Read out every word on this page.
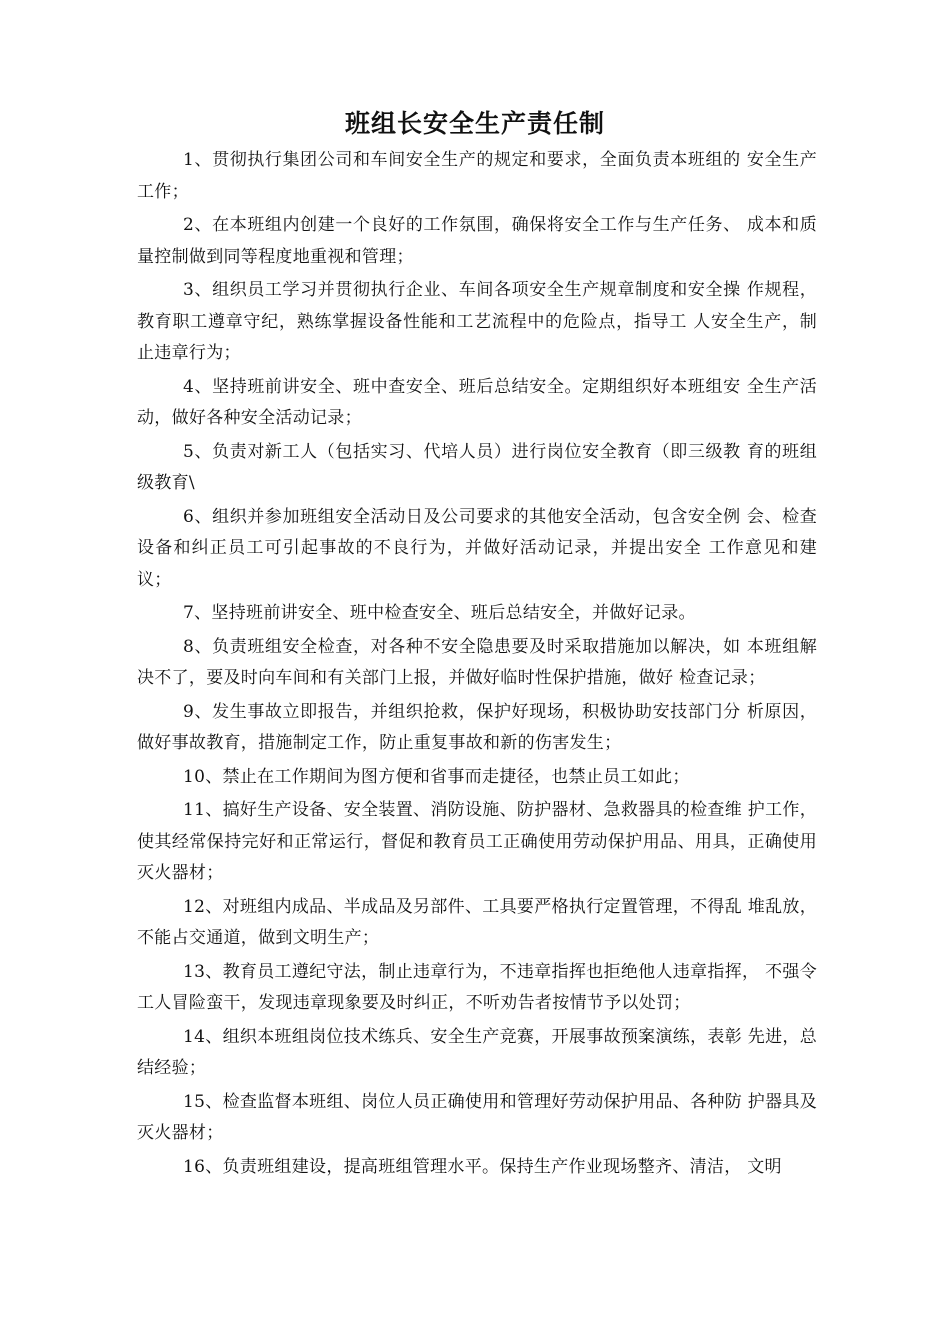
班组长安全生产责任制

1、贯彻执行集团公司和车间安全生产的规定和要求，全面负责本班组的 安全生产工作；

2、在本班组内创建一个良好的工作氛围，确保将安全工作与生产任务、 成本和质量控制做到同等程度地重视和管理；

3、组织员工学习并贯彻执行企业、车间各项安全生产规章制度和安全操 作规程，教育职工遵章守纪，熟练掌握设备性能和工艺流程中的危险点，指导工 人安全生产，制止违章行为；

4、坚持班前讲安全、班中查安全、班后总结安全。定期组织好本班组安 全生产活动，做好各种安全活动记录；

5、负责对新工人（包括实习、代培人员）进行岗位安全教育（即三级教 育的班组级教育\

6、组织并参加班组安全活动日及公司要求的其他安全活动，包含安全例 会、检查设备和纠正员工可引起事故的不良行为，并做好活动记录，并提出安全 工作意见和建议；

7、坚持班前讲安全、班中检查安全、班后总结安全，并做好记录。

8、负责班组安全检查，对各种不安全隐患要及时采取措施加以解决，如 本班组解决不了，要及时向车间和有关部门上报，并做好临时性保护措施，做好 检查记录；

9、发生事故立即报告，并组织抢救，保护好现场，积极协助安技部门分 析原因，做好事故教育，措施制定工作，防止重复事故和新的伤害发生；

10、禁止在工作期间为图方便和省事而走捷径，也禁止员工如此；

11、搞好生产设备、安全装置、消防设施、防护器材、急救器具的检查维 护工作，使其经常保持完好和正常运行，督促和教育员工正确使用劳动保护用品、用具，正确使用灭火器材；

12、对班组内成品、半成品及另部件、工具要严格执行定置管理，不得乱 堆乱放，不能占交通道，做到文明生产；

13、教育员工遵纪守法，制止违章行为，不违章指挥也拒绝他人违章指挥， 不强令工人冒险蛮干，发现违章现象要及时纠正，不听劝告者按情节予以处罚；

14、组织本班组岗位技术练兵、安全生产竞赛，开展事故预案演练，表彰 先进，总结经验；

15、检查监督本班组、岗位人员正确使用和管理好劳动保护用品、各种防 护器具及灭火器材；

16、负责班组建设，提高班组管理水平。保持生产作业现场整齐、清洁， 文明
